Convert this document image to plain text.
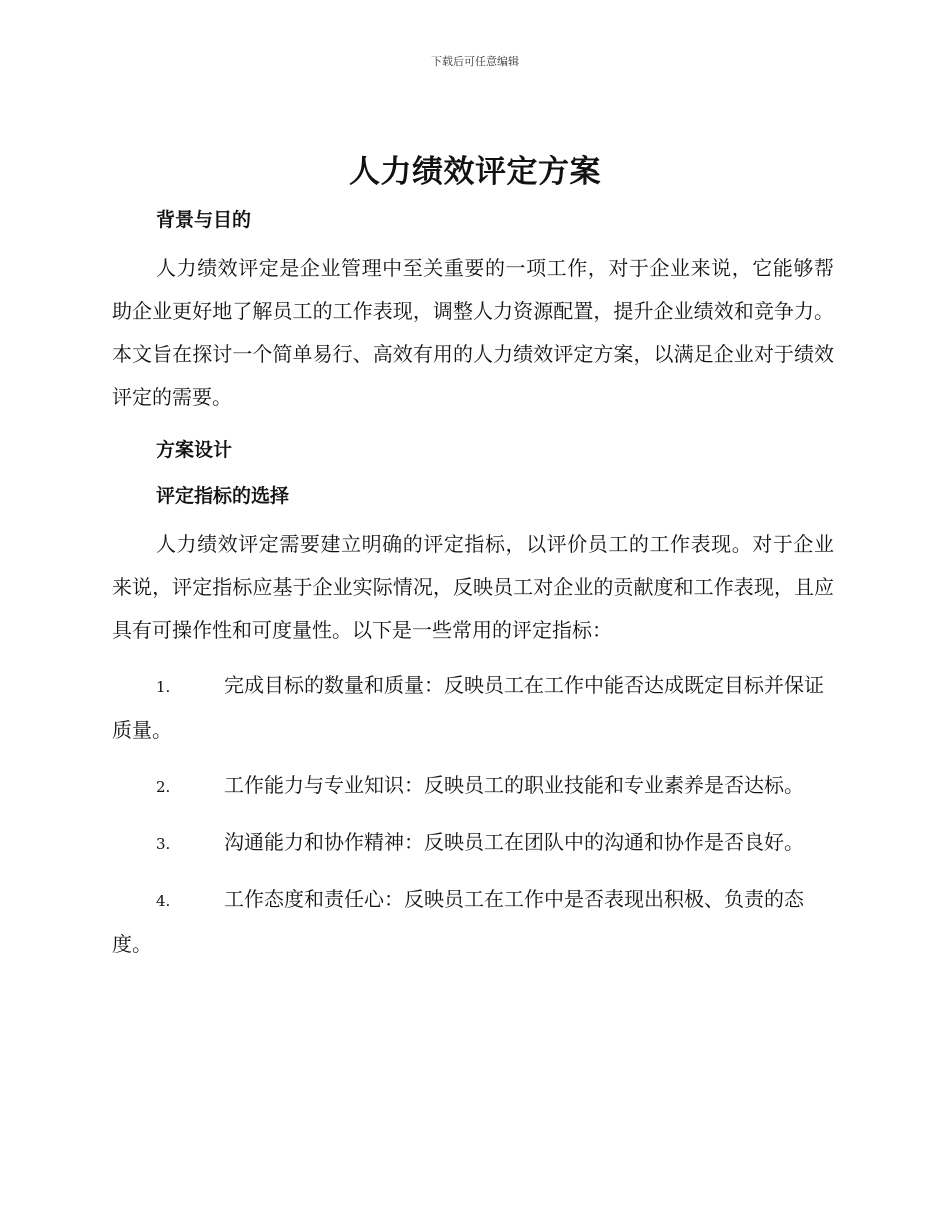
下载后可任意编辑
人力绩效评定方案
背景与目的

人力绩效评定是企业管理中至关重要的一项工作，对于企业来说，它能够帮助企业更好地了解员工的工作表现，调整人力资源配置，提升企业绩效和竞争力。本文旨在探讨一个简单易行、高效有用的人力绩效评定方案，以满足企业对于绩效评定的需要。

方案设计
评定指标的选择

人力绩效评定需要建立明确的评定指标，以评价员工的工作表现。对于企业来说，评定指标应基于企业实际情况，反映员工对企业的贡献度和工作表现，且应具有可操作性和可度量性。以下是一些常用的评定指标：

1.	完成目标的数量和质量：反映员工在工作中能否达成既定目标并保证质量。

2.	工作能力与专业知识：反映员工的职业技能和专业素养是否达标。

3.	沟通能力和协作精神：反映员工在团队中的沟通和协作是否良好。

4.	工作态度和责任心：反映员工在工作中是否表现出积极、负责的态度。
